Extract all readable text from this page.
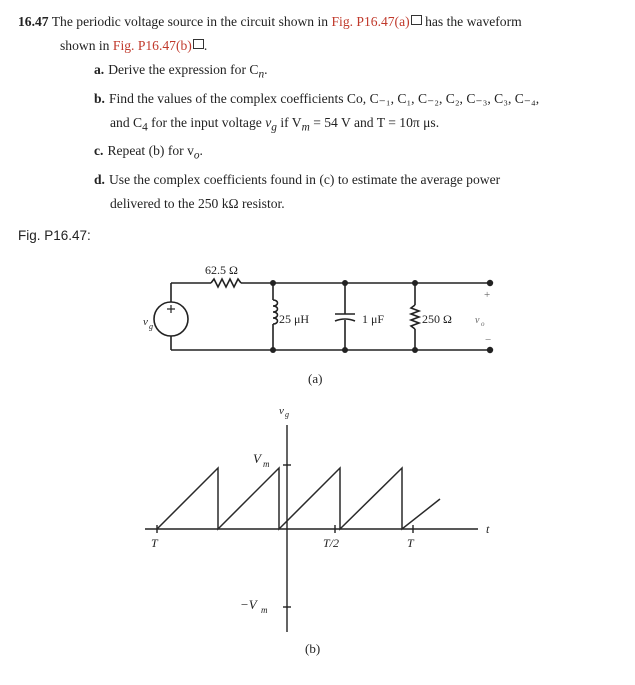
16.47 The periodic voltage source in the circuit shown in Fig. P16.47(a) has the waveform
shown in Fig. P16.47(b) .
a. Derive the expression for $C_n$.
b. Find the values of the complex coefficients Co, C₋₁, C₁, C₋₂, C₂, C₋₃, C₃, C₋₄,
and $C_4$ for the input voltage $v_g$ if $V_m = 54$ V and T = 10π μs.
c. Repeat (b) for $v_o$.
d. Use the complex coefficients found in (c) to estimate the average power
delivered to the 250 kΩ resistor.
Fig. P16.47:
62.5 Ω
25 μH	1 μF	250 Ω
v g
v o
+
−
(a)
v g
V m
−V m
T	T/2	T
t
(b)
